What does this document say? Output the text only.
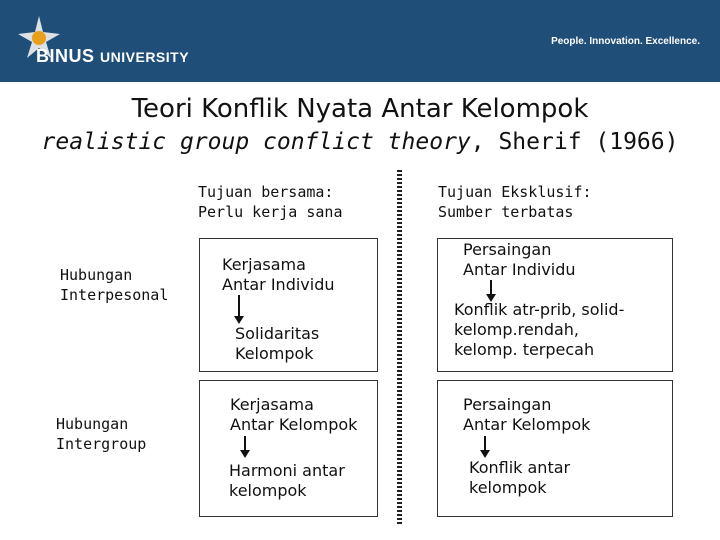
BINUS UNIVERSITY
People. Innovation. Excellence.
Teori Konflik Nyata Antar Kelompok
realistic group conflict theory, Sherif (1966)
Tujuan bersama:
Perlu kerja sana
Tujuan Eksklusif:
Sumber terbatas
Hubungan
Interpesonal
Hubungan
Intergroup
Kerjasama
Antar Individu
Solidaritas
Kelompok
Persaingan
Antar Individu
Konflik atr-prib, solid-
kelomp.rendah,
kelomp. terpecah
Kerjasama
Antar Kelompok
Harmoni antar
kelompok
Persaingan
Antar Kelompok
Konflik antar
kelompok
